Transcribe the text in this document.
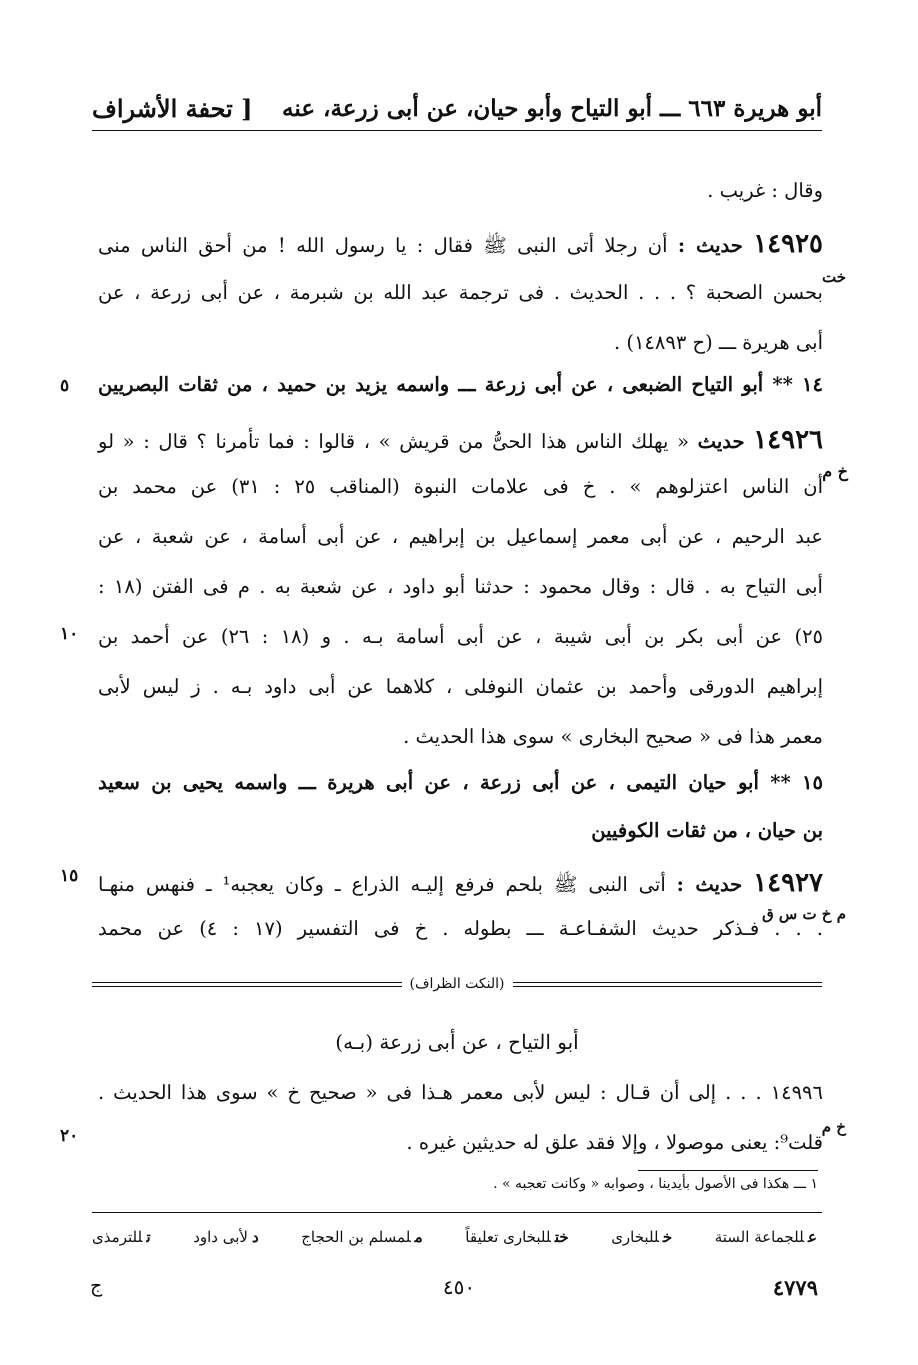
أبو هريرة ٦٦٣ ـــ أبو التياح وأبو حيان، عن أبى زرعة، عنه
[ تحفة الأشراف
وقال : غريب .
١٤٩٢٥ حديث : أن رجلا أتى النبى ﷺ فقال : يا رسول الله ! من أحق الناس منى
بحسن الصحبة ؟ . . . الحديث . فى ترجمة عبد الله بن شبرمة ، عن أبى زرعة ، عن
أبى هريرة ـــ (ح ١٤٨٩٣) .
١٤ ** أبو التياح الضبعى ، عن أبى زرعة ـــ واسمه يزيد بن حميد ، من ثقات البصريين
١٤٩٢٦ حديث « يهلك الناس هذا الحىُّ من قريش » ، قالوا : فما تأمرنا ؟ قال : « لو
أن الناس اعتزلوهم » . خ فى علامات النبوة (المناقب ٢٥ : ٣١) عن محمد بن
عبد الرحيم ، عن أبى معمر إسماعيل بن إبراهيم ، عن أبى أسامة ، عن شعبة ، عن
أبى التياح به . قال : وقال محمود : حدثنا أبو داود ، عن شعبة به . م فى الفتن (١٨ :
٢٥) عن أبى بكر بن أبى شيبة ، عن أبى أسامة بـه . و (١٨ : ٢٦) عن أحمد بن
إبراهيم الدورقى وأحمد بن عثمان النوفلى ، كلاهما عن أبى داود بـه . ز ليس لأبى
معمر هذا فى « صحيح البخارى » سوى هذا الحديث .
١٥ ** أبو حيان التيمى ، عن أبى زرعة ، عن أبى هريرة ـــ واسمه يحيى بن سعيد
بن حيان ، من ثقات الكوفيين
١٤٩٢٧ حديث : أتى النبى ﷺ بلحم فرفع إليـه الذراع ـ وكان يعجبه¹ ـ فنهس منهـا
. . . فـذكر حديث الشفـاعـة ـــ بطوله . خ فى التفسير (١٧ : ٤) عن محمد
خت
خ م
م خ ت س ق
خ م
٥
١٠
١٥
٢٠
(النكت الظراف)
أبو التياح ، عن أبى زرعة (بـه)
١٤٩٩٦ . . . إلى أن قـال : ليس لأبى معمر هـذا فى « صحيح خ » سوى هذا الحديث .
قلت⁹: يعنى موصولا ، وإلا فقد علق له حديثين غيره .
١ ـــ هكذا فى الأصول بأيدينا ، وصوابه « وكانت تعجبه » .
عللجماعة الستة
خللبخارى
ختللبخارى تعليقاً
ملمسلم بن الحجاج
دلأبى داود
تللترمذى
٤٧٧٩
٤٥٠
ج
